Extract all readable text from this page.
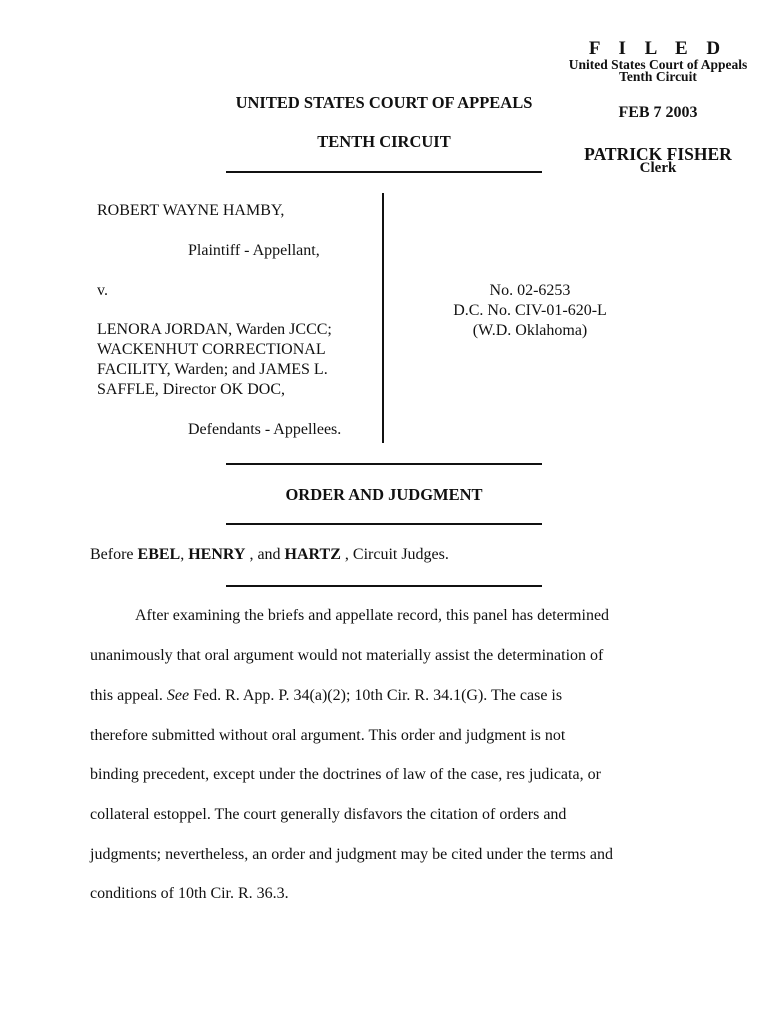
F I L E D
United States Court of Appeals
Tenth Circuit
FEB 7 2003
PATRICK FISHER
Clerk
UNITED STATES COURT OF APPEALS
TENTH CIRCUIT
ROBERT WAYNE HAMBY,
Plaintiff - Appellant,
v.
LENORA JORDAN, Warden JCCC;
WACKENHUT CORRECTIONAL
FACILITY, Warden; and JAMES L.
SAFFLE, Director OK DOC,
Defendants - Appellees.
No. 02-6253
D.C. No. CIV-01-620-L
(W.D. Oklahoma)
ORDER AND JUDGMENT
Before EBEL, HENRY , and HARTZ , Circuit Judges.
After examining the briefs and appellate record, this panel has determined
unanimously that oral argument would not materially assist the determination of
this appeal. See Fed. R. App. P. 34(a)(2); 10th Cir. R. 34.1(G). The case is
therefore submitted without oral argument. This order and judgment is not
binding precedent, except under the doctrines of law of the case, res judicata, or
collateral estoppel. The court generally disfavors the citation of orders and
judgments; nevertheless, an order and judgment may be cited under the terms and
conditions of 10th Cir. R. 36.3.
